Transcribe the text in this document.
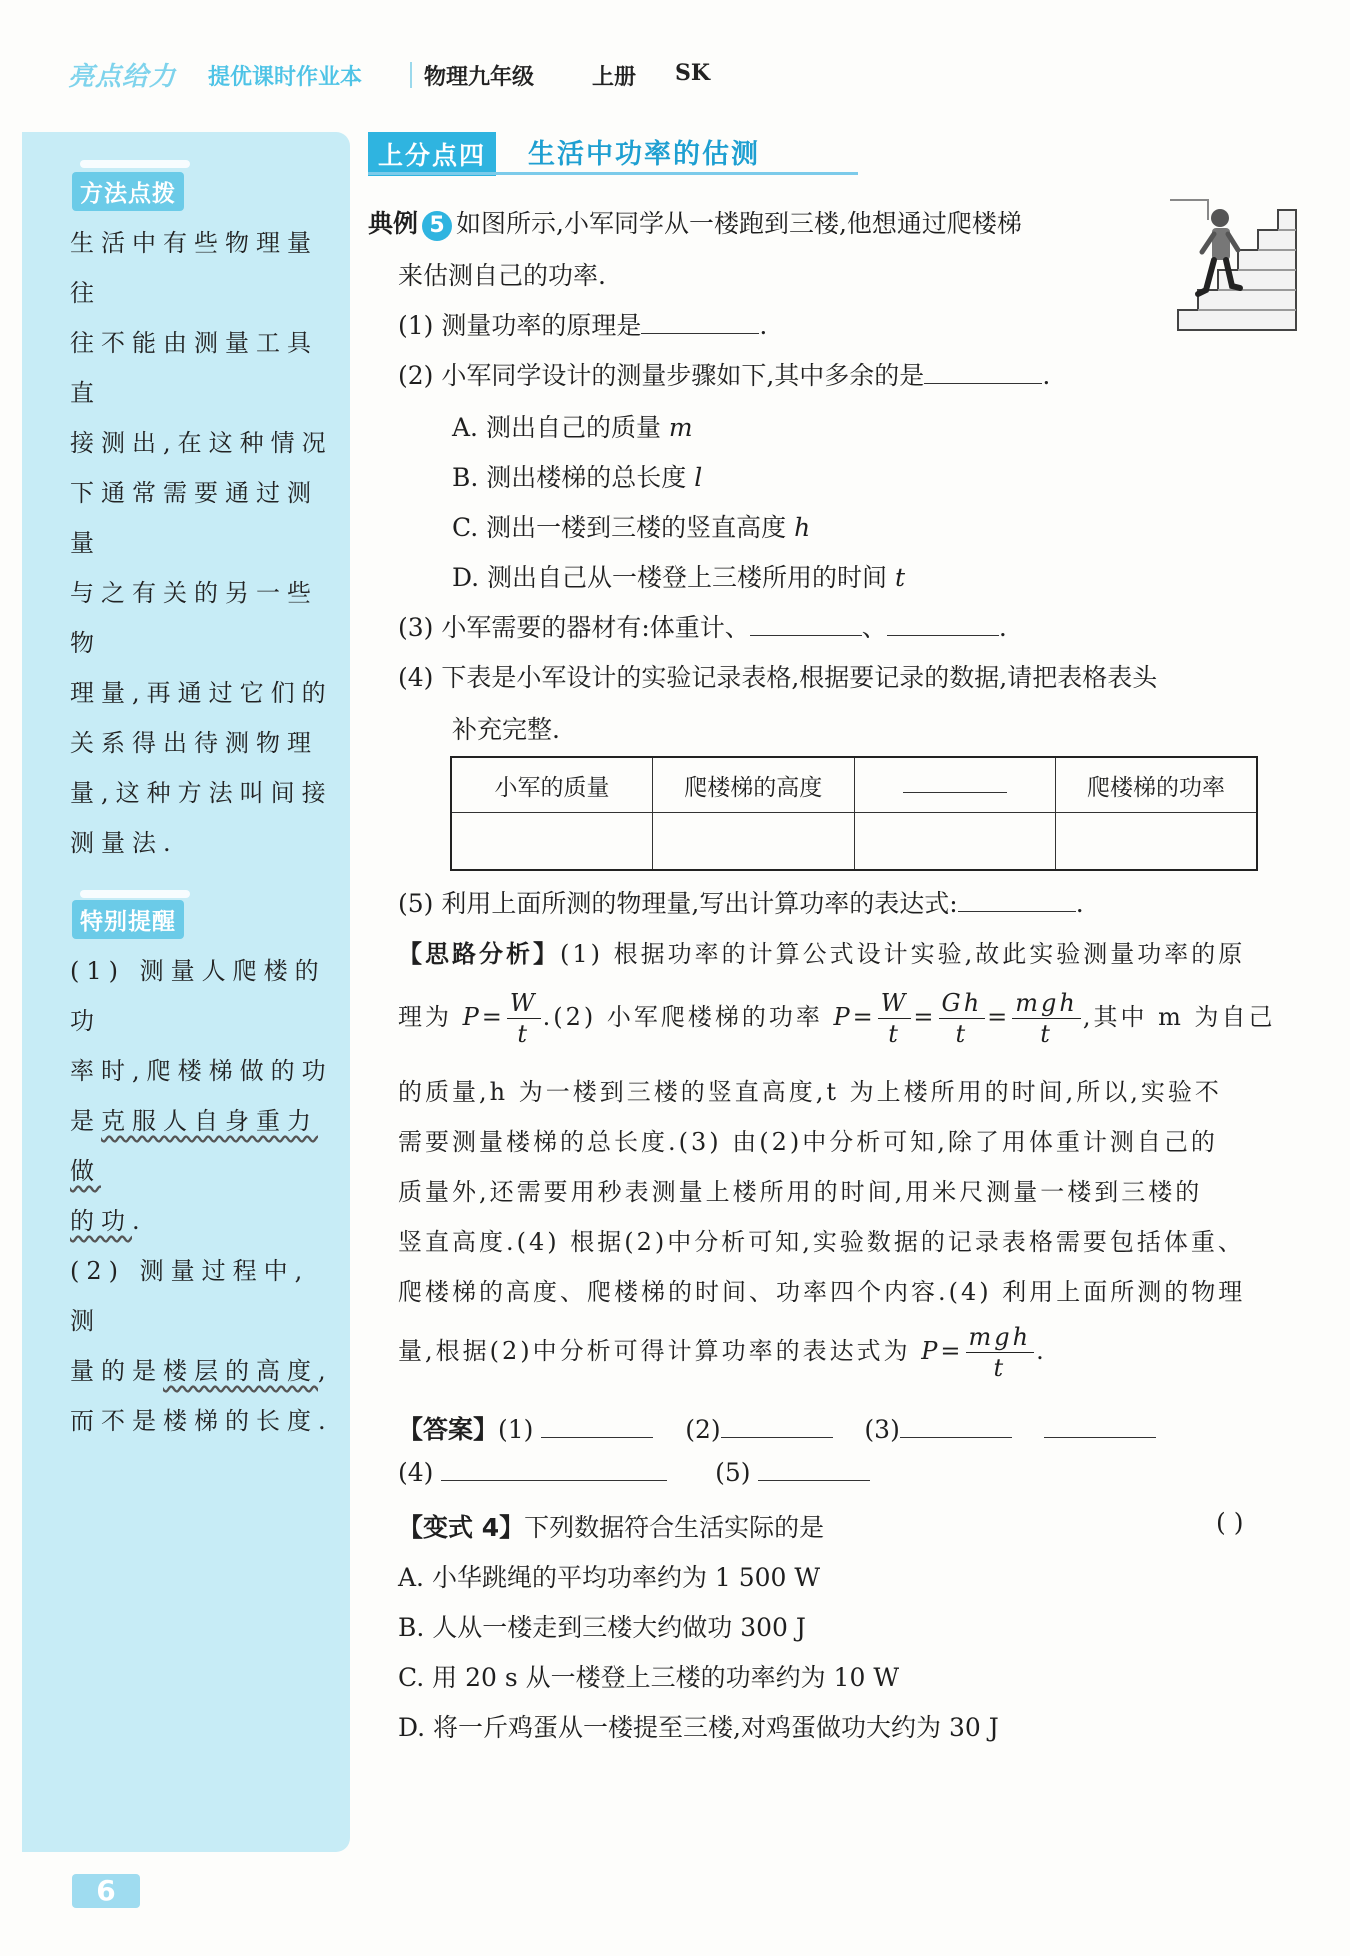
亮点给力 提优课时作业本	物理九年级	上册 SK
方法点拨
生活中有些物理量往
往不能由测量工具直
接测出,在这种情况
下通常需要通过测量
与之有关的另一些物
理量,再通过它们的
关系得出待测物理
量,这种方法叫间接
测量法.
特别提醒
(1) 测量人爬楼的功
率时,爬楼梯做的功
是克服人自身重力做
的功.
(2) 测量过程中,测
量的是楼层的高度,
而不是楼梯的长度.
上分点四	生活中功率的估测
典例 5 如图所示,小军同学从一楼跑到三楼,他想通过爬楼梯
来估测自己的功率.
(1) 测量功率的原理是	.
(2) 小军同学设计的测量步骤如下,其中多余的是	.
A. 测出自己的质量 m
B. 测出楼梯的总长度 l
C. 测出一楼到三楼的竖直高度 h
D. 测出自己从一楼登上三楼所用的时间 t
(3) 小军需要的器材有:体重计、	、	.
(4) 下表是小军设计的实验记录表格,根据要记录的数据,请把表格表头
补充完整.
小军的质量	爬楼梯的高度		爬楼梯的功率

(5) 利用上面所测的物理量,写出计算功率的表达式:	.
【思路分析】(1) 根据功率的计算公式设计实验,故此实验测量功率的原
理为 $P= \frac{W}{t} .(2)$ 小军爬楼梯的功率 $P= \frac{W}{t} = \frac{Gh}{t} = \frac{\text{mgh}}{t}$ ,其中 m 为自己
的质量,h 为一楼到三楼的竖直高度,t 为上楼所用的时间,所以,实验不
需要测量楼梯的总长度.(3) 由(2)中分析可知,除了用体重计测自己的
质量外,还需要用秒表测量上楼所用的时间,用米尺测量一楼到三楼的
竖直高度.(4) 根据(2)中分析可知,实验数据的记录表格需要包括体重、
爬楼梯的高度、爬楼梯的时间、功率四个内容.(4) 利用上面所测的物理
量,根据(2)中分析可得计算功率的表达式为 $P= \frac{\text{mgh}}{t}$ .
【答案】(1)	(2)	(3)
(4)	(5)
【变式 4】下列数据符合生活实际的是	( )
A. 小华跳绳的平均功率约为 1 500 W
B. 人从一楼走到三楼大约做功 300 J
C. 用 20 s 从一楼登上三楼的功率约为 10 W
D. 将一斤鸡蛋从一楼提至三楼,对鸡蛋做功大约为 30 J
6
